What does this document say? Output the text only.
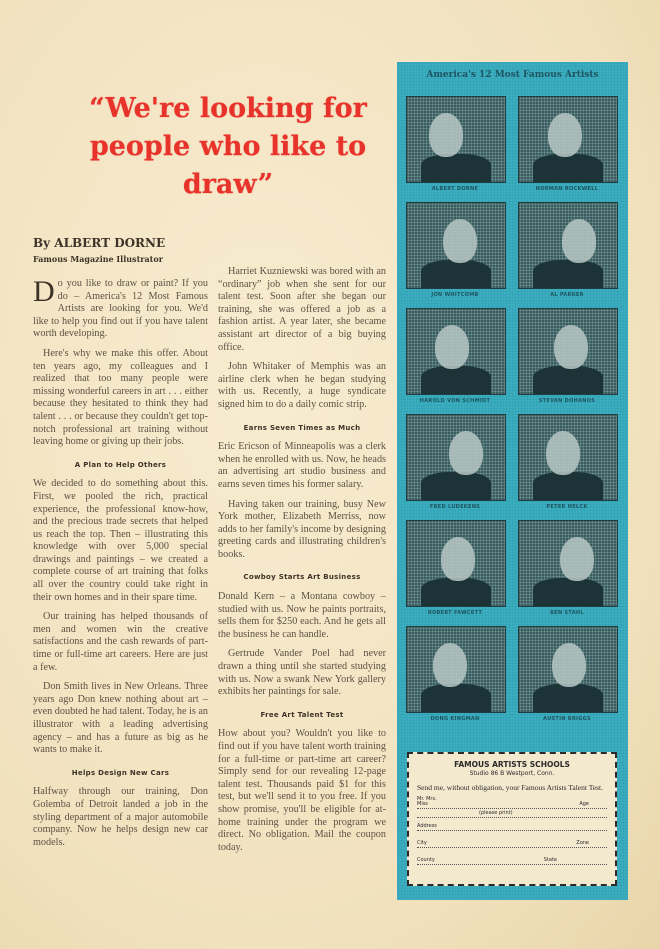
“We're looking for people who like to draw”
By ALBERT DORNE
Famous Magazine Illustrator

Do you like to draw or paint? If you do – America's 12 Most Famous Artists are looking for you. We'd like to help you find out if you have talent worth developing.

Here's why we make this offer. About ten years ago, my colleagues and I realized that too many people were missing wonderful careers in art . . . either because they hesitated to think they had talent . . . or because they couldn't get top-notch professional art training without leaving home or giving up their jobs.

A Plan to Help Others

We decided to do something about this. First, we pooled the rich, practical experience, the professional know-how, and the precious trade secrets that helped us reach the top. Then – illustrating this knowledge with over 5,000 special drawings and paintings – we created a complete course of art training that folks all over the country could take right in their own homes and in their spare time.

Our training has helped thousands of men and women win the creative satisfactions and the cash rewards of part-time or full-time art careers. Here are just a few.

Don Smith lives in New Orleans. Three years ago Don knew nothing about art – even doubted he had talent. Today, he is an illustrator with a leading advertising agency – and has a future as big as he wants to make it.

Helps Design New Cars

Halfway through our training, Don Golemba of Detroit landed a job in the styling department of a major automobile company. Now he helps design new car models.

Harriet Kuzniewski was bored with an “ordinary” job when she sent for our talent test. Soon after she began our training, she was offered a job as a fashion artist. A year later, she became assistant art director of a big buying office.

John Whitaker of Memphis was an airline clerk when he began studying with us. Recently, a huge syndicate signed him to do a daily comic strip.

Earns Seven Times as Much

Eric Ericson of Minneapolis was a clerk when he enrolled with us. Now, he heads an advertising art studio business and earns seven times his former salary.

Having taken our training, busy New York mother, Elizabeth Merriss, now adds to her family's income by designing greeting cards and illustrating children's books.

Cowboy Starts Art Business

Donald Kern – a Montana cowboy – studied with us. Now he paints portraits, sells them for $250 each. And he gets all the business he can handle.

Gertrude Vander Poel had never drawn a thing until she started studying with us. Now a swank New York gallery exhibits her paintings for sale.

Free Art Talent Test

How about you? Wouldn't you like to find out if you have talent worth training for a full-time or part-time art career? Simply send for our revealing 12-page talent test. Thousands paid $1 for this test, but we'll send it to you free. If you show promise, you'll be eligible for at-home training under the program we direct. No obligation. Mail the coupon today.

America's 12 Most Famous Artists
ALBERT DORNE	NORMAN ROCKWELL
JON WHITCOMB	AL PARKER
HAROLD VON SCHMIDT	STEVAN DOHANOS
FRED LUDEKENS	PETER HELCK
ROBERT FAWCETT	BEN STAHL
DONG KINGMAN	AUSTIN BRIGGS
FAMOUS ARTISTS SCHOOLS
Studio 86 B Westport, Conn.
Send me, without obligation, your Famous Artists Talent Test.
Mr. Mrs. Miss	Age
(please print)
Address
City	Zone
County	State
